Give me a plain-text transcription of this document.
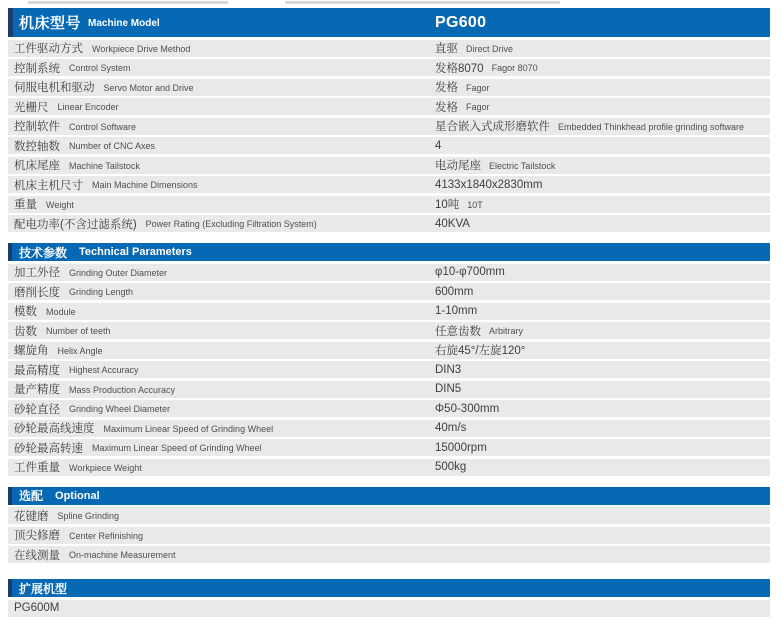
机床型号 Machine Model	PG600
工件驱动方式 Workpiece Drive Method	直驱 Direct Drive
控制系统 Control System	发格8070 Fagor 8070
伺服电机和驱动 Servo Motor and Drive	发格 Fagor
光栅尺 Linear Encoder	发格 Fagor
控制软件 Control Software	星合嵌入式成形磨软件 Embedded Thinkhead profile grinding software
数控轴数 Number of CNC Axes	4
机床尾座 Machine Tailstock	电动尾座 Electric Tailstock
机床主机尺寸 Main Machine Dimensions	4133x1840x2830mm
重量 Weight	10吨 10T
配电功率(不含过滤系统) Power Rating (Excluding Filtration System)	40KVA
技术参数 Technical Parameters
加工外径 Grinding Outer Diameter	φ10-φ700mm
磨削长度 Grinding Length	600mm
模数 Module	1-10mm
齿数 Number of teeth	任意齿数 Arbitrary
螺旋角 Helix Angle	右旋45°/左旋120°
最高精度 Highest Accuracy	DIN3
量产精度 Mass Production Accuracy	DIN5
砂轮直径 Grinding Wheel Diameter	Φ50-300mm
砂轮最高线速度 Maximum Linear Speed of Grinding Wheel	40m/s
砂轮最高转速 Maximum Linear Speed of Grinding Wheel	15000rpm
工件重量 Workpiece Weight	500kg
选配 Optional
花键磨 Spline Grinding
顶尖修磨 Center Refinishing
在线测量 On-machine Measurement
扩展机型
PG600M
